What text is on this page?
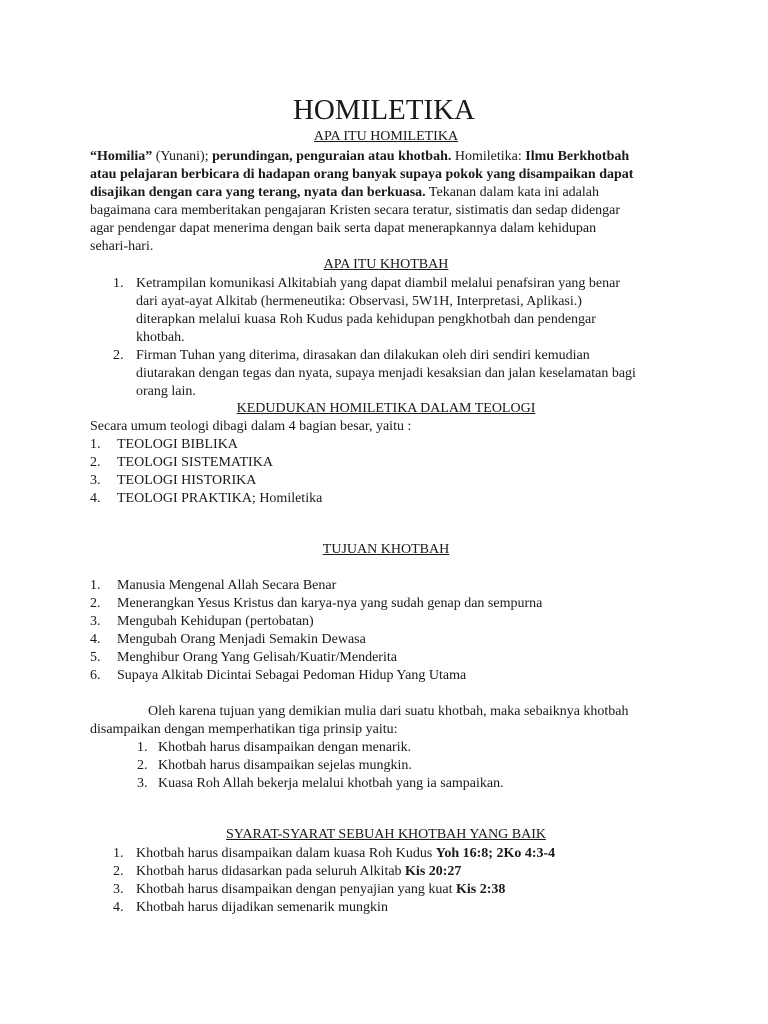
HOMILETIKA
APA ITU HOMILETIKA
“Homilia” (Yunani); perundingan, penguraian atau khotbah. Homiletika: Ilmu Berkhotbah
atau pelajaran berbicara di hadapan orang banyak supaya pokok yang disampaikan dapat
disajikan dengan cara yang terang, nyata dan berkuasa. Tekanan dalam kata ini adalah
bagaimana cara memberitakan pengajaran Kristen secara teratur, sistimatis dan sedap didengar
agar pendengar dapat menerima dengan baik serta dapat menerapkannya dalam kehidupan
sehari-hari.
APA ITU KHOTBAH
1. Ketrampilan komunikasi Alkitabiah yang dapat diambil melalui penafsiran yang benar
dari ayat-ayat Alkitab (hermeneutika: Observasi, 5W1H, Interpretasi, Aplikasi.)
diterapkan melalui kuasa Roh Kudus pada kehidupan pengkhotbah dan pendengar
khotbah.
2. Firman Tuhan yang diterima, dirasakan dan dilakukan oleh diri sendiri kemudian
diutarakan dengan tegas dan nyata, supaya menjadi kesaksian dan jalan keselamatan bagi
orang lain.
KEDUDUKAN HOMILETIKA DALAM TEOLOGI
Secara umum teologi dibagi dalam 4 bagian besar, yaitu :
1. TEOLOGI BIBLIKA
2. TEOLOGI SISTEMATIKA
3. TEOLOGI HISTORIKA
4. TEOLOGI PRAKTIKA; Homiletika
TUJUAN KHOTBAH
1. Manusia Mengenal Allah Secara Benar
2. Menerangkan Yesus Kristus dan karya-nya yang sudah genap dan sempurna
3. Mengubah Kehidupan (pertobatan)
4. Mengubah Orang Menjadi Semakin Dewasa
5. Menghibur Orang Yang Gelisah/Kuatir/Menderita
6. Supaya Alkitab Dicintai Sebagai Pedoman Hidup Yang Utama
Oleh karena tujuan yang demikian mulia dari suatu khotbah, maka sebaiknya khotbah
disampaikan dengan memperhatikan tiga prinsip yaitu:
1. Khotbah harus disampaikan dengan menarik.
2. Khotbah harus disampaikan sejelas mungkin.
3. Kuasa Roh Allah bekerja melalui khotbah yang ia sampaikan.
SYARAT-SYARAT SEBUAH KHOTBAH YANG BAIK
1. Khotbah harus disampaikan dalam kuasa Roh Kudus Yoh 16:8; 2Ko 4:3-4
2. Khotbah harus didasarkan pada seluruh Alkitab Kis 20:27
3. Khotbah harus disampaikan dengan penyajian yang kuat Kis 2:38
4. Khotbah harus dijadikan semenarik mungkin
